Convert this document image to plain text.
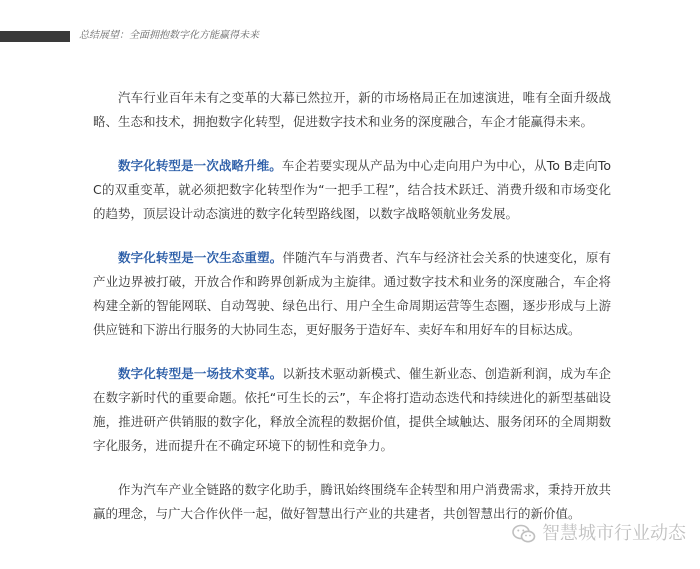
总结展望：全面拥抱数字化方能赢得未来

汽车行业百年未有之变革的大幕已然拉开，新的市场格局正在加速演进，唯有全面升级战略、生态和技术，拥抱数字化转型，促进数字技术和业务的深度融合，车企才能赢得未来。

数字化转型是一次战略升维。车企若要实现从产品为中心走向用户为中心，从To B走向To C的双重变革，就必须把数字化转型作为“一把手工程”，结合技术跃迁、消费升级和市场变化的趋势，顶层设计动态演进的数字化转型路线图，以数字战略领航业务发展。

数字化转型是一次生态重塑。伴随汽车与消费者、汽车与经济社会关系的快速变化，原有产业边界被打破，开放合作和跨界创新成为主旋律。通过数字技术和业务的深度融合，车企将构建全新的智能网联、自动驾驶、绿色出行、用户全生命周期运营等生态圈，逐步形成与上游供应链和下游出行服务的大协同生态，更好服务于造好车、卖好车和用好车的目标达成。

数字化转型是一场技术变革。以新技术驱动新模式、催生新业态、创造新利润，成为车企在数字新时代的重要命题。依托“可生长的云”，车企将打造动态迭代和持续进化的新型基础设施，推进研产供销服的数字化，释放全流程的数据价值，提供全域触达、服务闭环的全周期数字化服务，进而提升在不确定环境下的韧性和竞争力。

作为汽车产业全链路的数字化助手，腾讯始终围绕车企转型和用户消费需求，秉持开放共赢的理念，与广大合作伙伴一起，做好智慧出行产业的共建者，共创智慧出行的新价值。

智慧城市行业动态
